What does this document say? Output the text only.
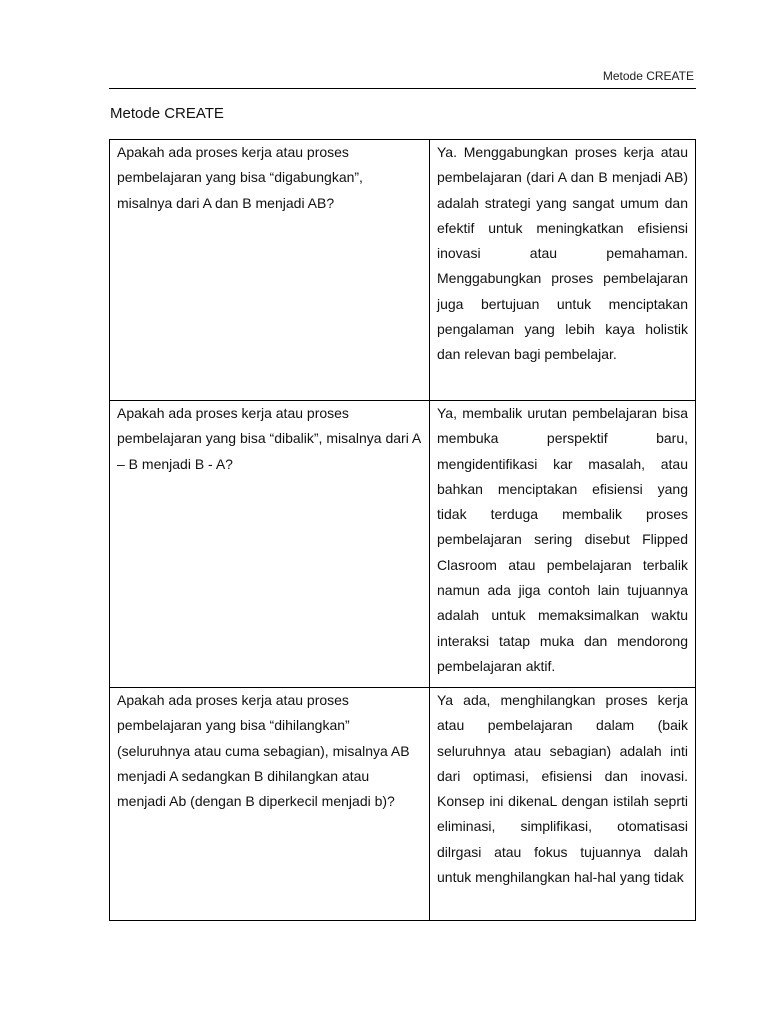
Metode CREATE
Metode CREATE
Apakah ada proses kerja atau proses pembelajaran yang bisa “digabungkan”, misalnya dari A dan B menjadi AB?	Ya. Menggabungkan proses kerja atau pembelajaran (dari A dan B menjadi AB) adalah strategi yang sangat umum dan efektif untuk meningkatkan efisiensi inovasi atau pemahaman. Menggabungkan proses pembelajaran juga bertujuan untuk menciptakan pengalaman yang lebih kaya holistik dan relevan bagi pembelajar.

Apakah ada proses kerja atau proses pembelajaran yang bisa “dibalik”, misalnya dari A – B menjadi B - A?	Ya, membalik urutan pembelajaran bisa membuka perspektif baru, mengidentifikasi kar masalah, atau bahkan menciptakan efisiensi yang tidak terduga membalik proses pembelajaran sering disebut Flipped Clasroom atau pembelajaran terbalik namun ada jiga contoh lain tujuannya adalah untuk memaksimalkan waktu interaksi tatap muka dan mendorong pembelajaran aktif.

Apakah ada proses kerja atau proses pembelajaran yang bisa “dihilangkan” (seluruhnya atau cuma sebagian), misalnya AB menjadi A sedangkan B dihilangkan atau menjadi Ab (dengan B diperkecil menjadi b)?	Ya ada, menghilangkan proses kerja atau pembelajaran dalam (baik seluruhnya atau sebagian) adalah inti dari optimasi, efisiensi dan inovasi. Konsep ini dikenaL dengan istilah seprti eliminasi, simplifikasi, otomatisasi dilrgasi atau fokus tujuannya dalah untuk menghilangkan hal-hal yang tidak
